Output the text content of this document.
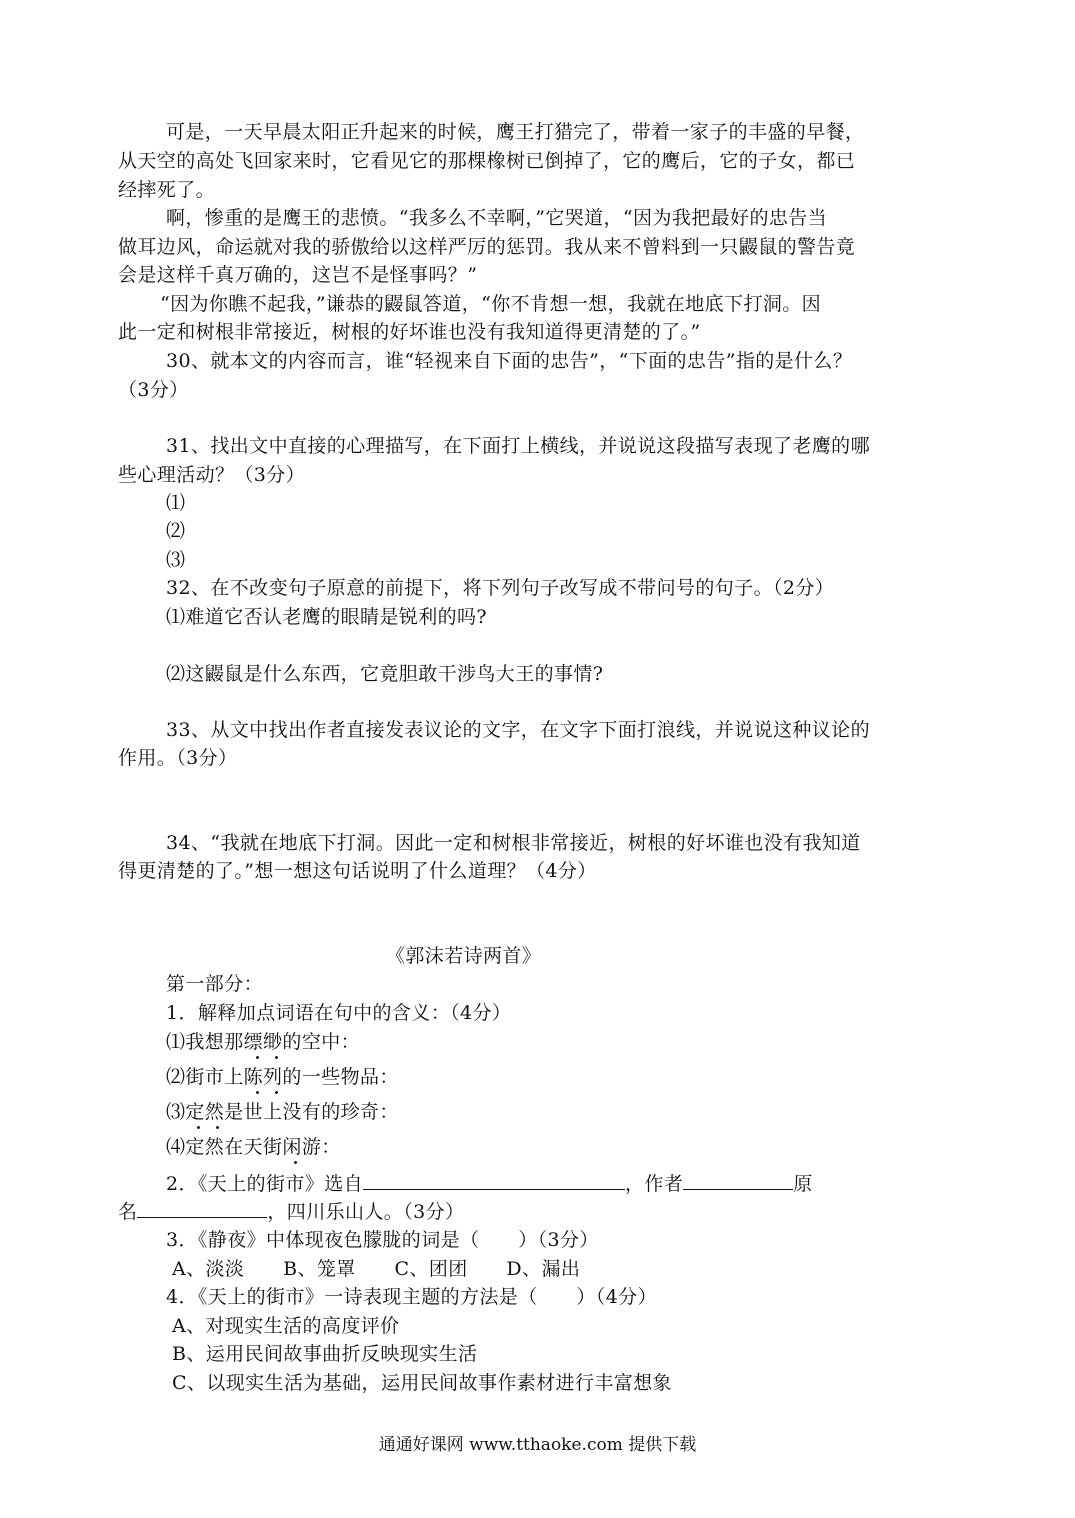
可是，一天早晨太阳正升起来的时候，鹰王打猎完了，带着一家子的丰盛的早餐，
从天空的高处飞回家来时，它看见它的那棵橡树已倒掉了，它的鹰后，它的子女，都已
经摔死了。
啊，惨重的是鹰王的悲愤。“我多么不幸啊，”它哭道，“因为我把最好的忠告当
做耳边风，命运就对我的骄傲给以这样严厉的惩罚。我从来不曾料到一只鼹鼠的警告竟
会是这样千真万确的，这岂不是怪事吗？”
“因为你瞧不起我，”谦恭的鼹鼠答道，“你不肯想一想，我就在地底下打洞。因
此一定和树根非常接近，树根的好坏谁也没有我知道得更清楚的了。”
30、就本文的内容而言，谁“轻视来自下面的忠告”，“下面的忠告”指的是什么？
（3分）
31、找出文中直接的心理描写，在下面打上横线，并说说这段描写表现了老鹰的哪
些心理活动？（3分）
⑴
⑵
⑶
32、在不改变句子原意的前提下，将下列句子改写成不带问号的句子。（2分）
⑴难道它否认老鹰的眼睛是锐利的吗?
⑵这鼹鼠是什么东西，它竟胆敢干涉鸟大王的事情?
33、从文中找出作者直接发表议论的文字，在文字下面打浪线，并说说这种议论的
作用。（3分）
34、“我就在地底下打洞。因此一定和树根非常接近，树根的好坏谁也没有我知道
得更清楚的了。”想一想这句话说明了什么道理？（4分）
《郭沫若诗两首》
第一部分：
1．解释加点词语在句中的含义：（4分）
⑴我想那缥缈的空中：
⑵街市上陈列的一些物品：
⑶定然是世上没有的珍奇：
⑷定然在天街闲游：
2．《天上的街市》选自	，作者	原
名	，四川乐山人。（3分）
3．《静夜》中体现夜色朦胧的词是（　　）（3分）
A、淡淡　　B、笼罩　　C、团团　　D、漏出
4．《天上的街市》一诗表现主题的方法是（　　）（4分）
A、对现实生活的高度评价
B、运用民间故事曲折反映现实生活
C、以现实生活为基础，运用民间故事作素材进行丰富想象
通通好课网 www.tthaoke.com 提供下载
